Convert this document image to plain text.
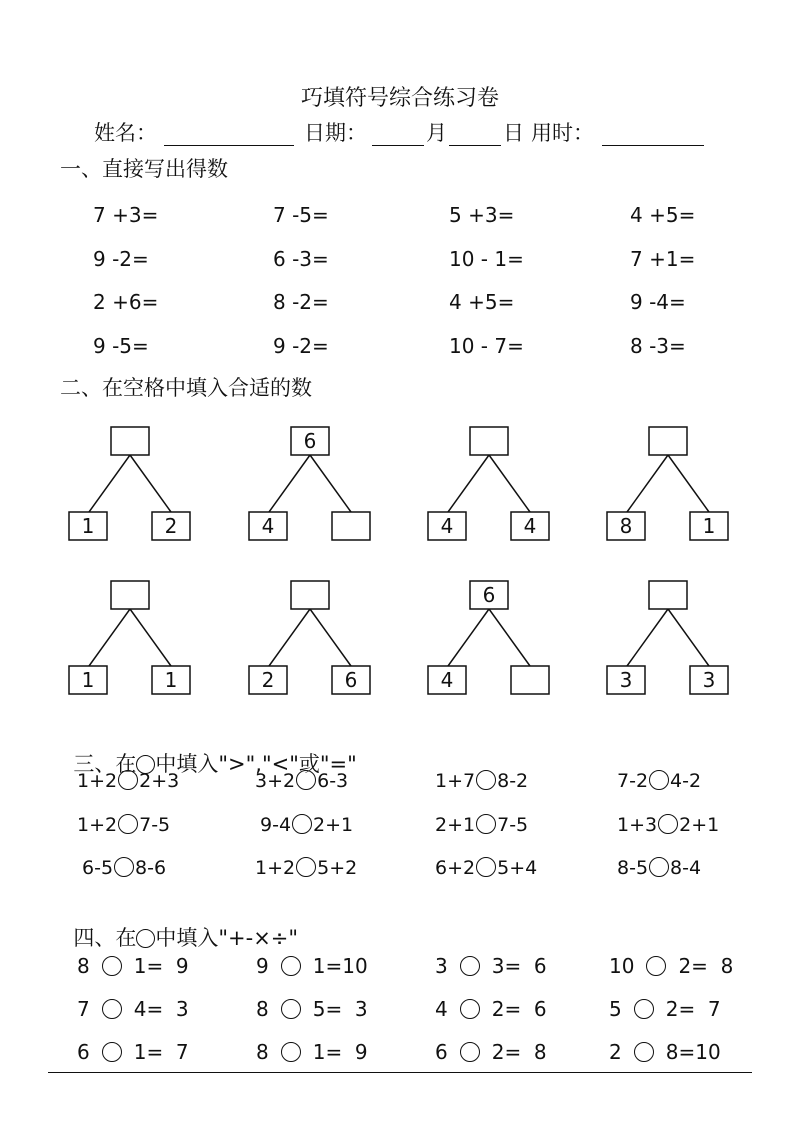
巧填符号综合练习卷
姓名：	日期：	月	日 用时：
一、直接写出得数
7 +3=	7 -5=	5 +3=	4 +5=
9 -2=	6 -3=	10 - 1=	7 +1=
2 +6=	8 -2=	4 +5=	9 -4=
9 -5=	9 -2=	10 - 7=	8 -3=
二、在空格中填入合适的数
1	2
6
4	4	4	8	1
1	1	2	6
6
4	3	3

三、在 中填入">","<"或"="

1+2 2+3	3+2 6-3	1+7 8-2	7-2 4-2
1+2 7-5	9-4 2+1	2+1 7-5	1+3 2+1
6-5 8-6	1+2 5+2	6+2 5+4	8-5 8-4

四、在 中填入"+-×÷"

8 1=  9	9 1=10	3 3=  6	10 2=  8
7 4=  3	8 5=  3	4 2=  6	5 2=  7
6 1=  7	8 1=  9	6 2=  8	2 8=10
